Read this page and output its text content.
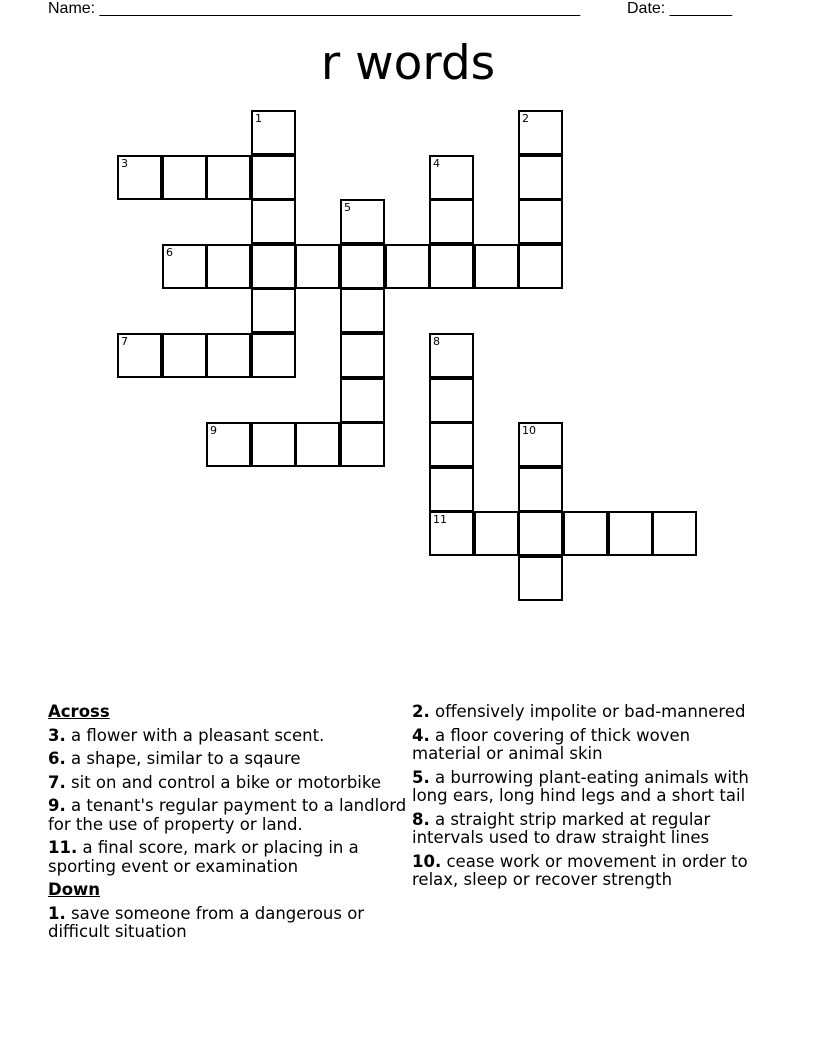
Name: ______________________________________________________	Date: _______
r words
1	2
3	4
5
6
7	8
9	10
11
Across
3. a flower with a pleasant scent.
6. a shape, similar to a sqaure
7. sit on and control a bike or motorbike
9. a tenant's regular payment to a landlord for the use of property or land.
11. a final score, mark or placing in a sporting event or examination
Down
1. save someone from a dangerous or difficult situation
2. offensively impolite or bad-mannered
4. a floor covering of thick woven material or animal skin
5. a burrowing plant-eating animals with long ears, long hind legs and a short tail
8. a straight strip marked at regular intervals used to draw straight lines
10. cease work or movement in order to relax, sleep or recover strength
